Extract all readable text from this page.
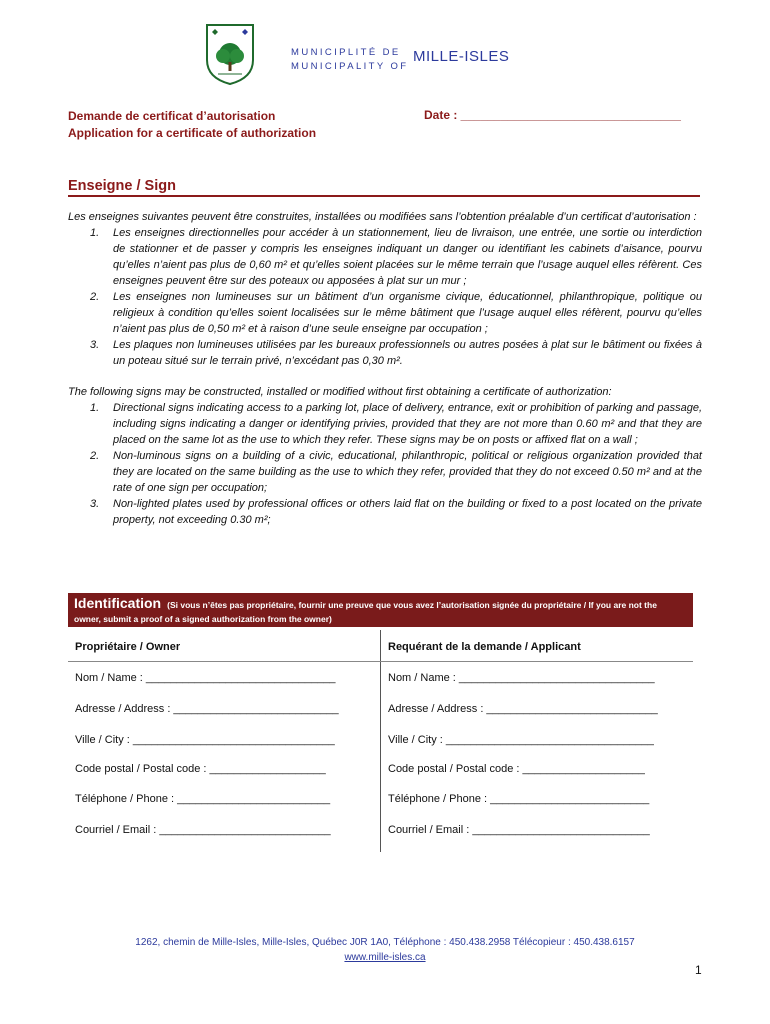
MUNICIPLITÉ DE
MUNICIPALITY OF
MILLE-ISLES
Demande de certificat d’autorisation
Application for a certificate of authorization
Date : _________________________________
Enseigne / Sign
Les enseignes suivantes peuvent être construites, installées ou modifiées sans l’obtention préalable d’un certificat d’autorisation :
1. Les enseignes directionnelles pour accéder à un stationnement, lieu de livraison, une entrée, une sortie ou interdiction de stationner et de passer y compris les enseignes indiquant un danger ou identifiant les cabinets d’aisance, pourvu qu’elles n’aient pas plus de 0,60 m² et qu’elles soient placées sur le même terrain que l’usage auquel elles réfèrent. Ces enseignes peuvent être sur des poteaux ou apposées à plat sur un mur ;
2. Les enseignes non lumineuses sur un bâtiment d’un organisme civique, éducationnel, philanthropique, politique ou religieux à condition qu’elles soient localisées sur le même bâtiment que l’usage auquel elles réfèrent, pourvu qu’elles n’aient pas plus de 0,50 m² et à raison d’une seule enseigne par occupation ;
3. Les plaques non lumineuses utilisées par les bureaux professionnels ou autres posées à plat sur le bâtiment ou fixées à un poteau situé sur le terrain privé, n’excédant pas 0,30 m².
The following signs may be constructed, installed or modified without first obtaining a certificate of authorization:
1. Directional signs indicating access to a parking lot, place of delivery, entrance, exit or prohibition of parking and passage, including signs indicating a danger or identifying privies, provided that they are not more than 0.60 m² and that they are placed on the same lot as the use to which they refer. These signs may be on posts or affixed flat on a wall ;
2. Non-luminous signs on a building of a civic, educational, philanthropic, political or religious organization provided that they are located on the same building as the use to which they refer, provided that they do not exceed 0.50 m² and at the rate of one sign per occupation;
3. Non-lighted plates used by professional offices or others laid flat on the building or fixed to a post located on the private property, not exceeding 0.30 m²;
Identification (Si vous n’êtes pas propriétaire, fournir une preuve que vous avez l’autorisation signée du propriétaire / If you are not the owner, submit a proof of a signed authorization from the owner)
Propriétaire / Owner	Requérant de la demande / Applicant
Nom / Name : _______________________________
Adresse / Address : ___________________________
Ville / City : _________________________________
Code postal / Postal code : ___________________
Téléphone / Phone : _________________________
Courriel / Email : ____________________________
Nom / Name : ________________________________
Adresse / Address : ____________________________
Ville / City : __________________________________
Code postal / Postal code : ____________________
Téléphone / Phone : __________________________
Courriel / Email : _____________________________
1262, chemin de Mille-Isles, Mille-Isles, Québec J0R 1A0, Téléphone : 450.438.2958 Télécopieur : 450.438.6157
www.mille-isles.ca
1
